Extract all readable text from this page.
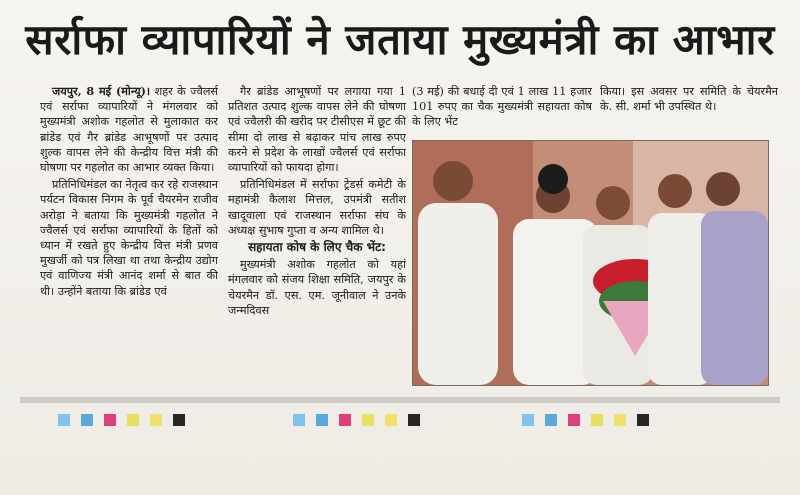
सर्राफा व्यापारियों ने जताया मुख्यमंत्री का आभार

जयपुर, 8 मई (मोन्यू)। शहर के ज्वैलर्स एवं सर्राफा व्यापारियों ने मंगलवार को मुख्यमंत्री अशोक गहलोत से मुलाकात कर ब्रांडेड एवं गैर ब्रांडेड आभूषणों पर उत्पाद शुल्क वापस लेने की केन्द्रीय वित्त मंत्री की घोषणा पर गहलोत का आभार व्यक्त किया।

प्रतिनिधिमंडल का नेतृत्व कर रहे राजस्थान पर्यटन विकास निगम के पूर्व चैयरमेन राजीव अरोड़ा ने बताया कि मुख्यमंत्री गहलोत ने ज्वैलर्स एवं सर्राफा व्यापारियों के हितों को ध्यान में रखते हुए केन्द्रीय वित्त मंत्री प्रणव मुखर्जी को पत्र लिखा था तथा केन्द्रीय उद्योग एवं वाणिज्य मंत्री आनंद शर्मा से बात की थी। उन्होंने बताया कि ब्रांडेड एवं

गैर ब्रांडेड आभूषणों पर लगाया गया 1 प्रतिशत उत्पाद शुल्क वापस लेने की घोषणा एवं ज्वैलरी की खरीद पर टीसीएस में छूट की सीमा दो लाख से बढ़ाकर पांच लाख रुपए करने से प्रदेश के लाखों ज्वैलर्स एवं सर्राफा व्यापारियों को फायदा होगा।

प्रतिनिधिमंडल में सर्राफा ट्रेडर्स कमेटी के महामंत्री कैलाश मित्तल, उपमंत्री सतीश खादूवाला एवं राजस्थान सर्राफा संघ के अध्यक्ष सुभाष गुप्ता व अन्य शामिल थे।

सहायता कोष के लिए चैक भेंट:

मुख्यमंत्री अशोक गहलोत को यहां मंगलवार को संजय शिक्षा समिति, जयपुर के चेयरमैन डॉ. एस. एम. जूनीवाल ने उनके जन्मदिवस

(3 मई) की बधाई दी एवं 1 लाख 11 हजार 101 रुपए का चैक मुख्यमंत्री सहायता कोष के लिए भेंट

किया। इस अवसर पर समिति के चेयरमैन के. सी. शर्मा भी उपस्थित थे।
